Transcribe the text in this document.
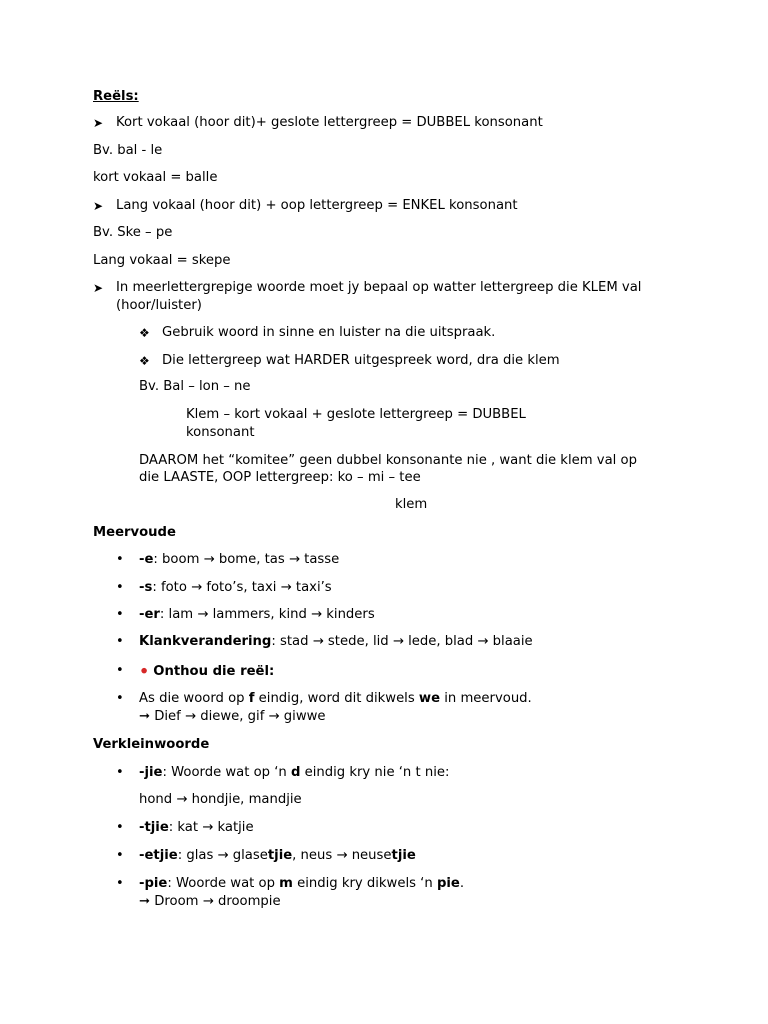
Reëls:
➤ Kort vokaal (hoor dit)+ geslote lettergreep = DUBBEL konsonant
Bv. bal - le
kort vokaal = balle
➤ Lang vokaal (hoor dit) + oop lettergreep = ENKEL konsonant
Bv. Ske – pe
Lang vokaal = skepe
➤ In meerlettergrepige woorde moet jy bepaal op watter lettergreep die KLEM val
(hoor/luister)
❖ Gebruik woord in sinne en luister na die uitspraak.
❖ Die lettergreep wat HARDER uitgespreek word, dra die klem
Bv. Bal – lon – ne
Klem – kort vokaal + geslote lettergreep = DUBBEL
konsonant
DAAROM het “komitee” geen dubbel konsonante nie , want die klem val op
die LAASTE, OOP lettergreep: ko – mi – tee
klem
Meervoude
• -e: boom → bome, tas → tasse
• -s: foto → foto’s, taxi → taxi’s
• -er: lam → lammers, kind → kinders
• Klankverandering: stad → stede, lid → lede, blad → blaaie
• ⚫ Onthou die reël:
• As die woord op f eindig, word dit dikwels we in meervoud.
➞ Dief → diewe, gif → giwwe
Verkleinwoorde
• -jie: Woorde wat op ‘n d eindig kry nie ‘n t nie:
hond → hondjie, mandjie
• -tjie: kat → katjie
• -etjie: glas → glasetjie, neus → neusetjie
• -pie: Woorde wat op m eindig kry dikwels ‘n pie.
➞ Droom → droompie
